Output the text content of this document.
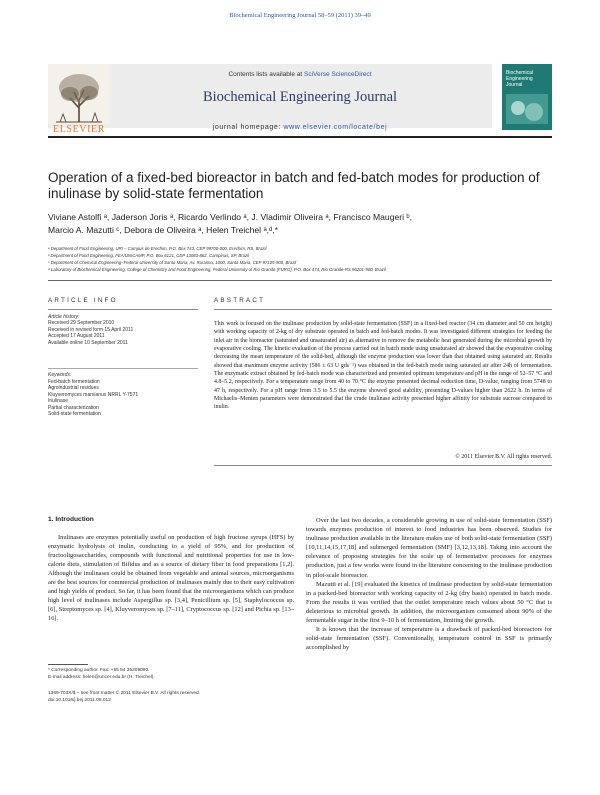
Biochemical Engineering Journal 58–59 (2011) 39–49
ELSEVIER
Contents lists available at SciVerse ScienceDirect
Biochemical Engineering Journal
journal homepage: www.elsevier.com/locate/bej
Biochemical Engineering Journal
Operation of a fixed-bed bioreactor in batch and fed-batch modes for production of inulinase by solid-state fermentation
Viviane Astolfi ᵃ, Jaderson Joris ᵃ, Ricardo Verlindo ᵃ, J. Vladimir Oliveira ᵃ, Francisco Maugeri ᵇ,
Marcio A. Mazutti ᶜ, Debora de Oliveira ᵃ, Helen Treichel ᵃ,ᵈ,*
ᵃ Department of Food Engineering, URI – Campus de Erechim, P.O. Box 743, CEP 99700-000, Erechim, RS, Brazil
ᵇ Department of Food Engineering, FEA/UNICAMP, P.O. Box 6121, CEP 13083-862, Campinas, SP, Brazil
ᶜ Department of Chemical Engineering–Federal University of Santa Maria, Av. Roraima, 1000, Santa Maria, CEP 97105-900, Brazil
ᵈ Laboratory of Biochemical Engineering, College of Chemistry and Food Engineering, Federal University of Rio Grande (FURG), P.O. Box 474, Rio Grande-RS 96201-900, Brazil
ARTICLE INFO	ABSTRACT
Article history:
Received 29 September 2010
Received in revised form 15 April 2011
Accepted 17 August 2011
Available online 10 September 2011
Keywords:
Fed-batch fermentation
Agroindustrial residues
Kluyveromyces marxianus NRRL Y-7571
Inulinase
Partial characterization
Solid-state fermentation
This work is focused on the inulinase production by solid-state fermentation (SSF) in a fixed-bed reactor (34 cm diameter and 50 cm height) with working capacity of 2-kg of dry substrate operated in batch and fed-batch modes. It was investigated different strategies for feeding the inlet air in the bioreactor (saturated and unsaturated air) as alternative to remove the metabolic heat generated during the microbial growth by evaporative cooling. The kinetic evaluation of the process carried out in batch mode using unsaturated air showed that the evaporative cooling decreasing the mean temperature of the solid-bed, although the enzyme production was lower than that obtained using saturated air. Results showed that maximum enzyme activity (586 ± 63 U gds⁻¹) was obtained in the fed-batch mode using saturated air after 24h of fermentation. The enzymatic extract obtained by fed-batch mode was characterized and presented optimum temperature and pH in the range of 52–57 °C and 4.8–5.2, respectively. For a temperature range from 40 to 70 °C the enzyme presented decimal reduction time, D-value, ranging from 5748 to 47 h, respectively. For a pH range from 3.5 to 5.5 the enzyme showed good stability, presenting D-values higher than 2622 h. In terms of Michaelis–Menten parameters were demonstrated that the crude inulinase activity presented higher affinity for substrate sucrose compared to inulin.
© 2011 Elsevier B.V. All rights reserved.
1. Introduction

Inulinases are enzymes potentially useful on production of high fructose syrups (HFS) by enzymatic hydrolysis of inulin, conducting to a yield of 95%, and for production of fructooligosaccharides, compounds with functional and nutritional properties for use in low-calorie diets, stimulation of Bifidus and as a source of dietary fiber in food preparations [1,2]. Although the inulinases could be obtained from vegetable and animal sources, microorganisms are the best sources for commercial production of inulinases mainly due to their easy cultivation and high yields of product. So far, it has been found that the microorganisms which can produce high level of inulinases include Aspergillus sp. [3,4], Penicillium sp. [5], Staphylococcus sp. [6], Streptomyces sp. [4], Kluyveromyces sp. [7–11], Cryptococcus sp. [12] and Pichia sp. [13–16].

Over the last two decades, a considerable growing in use of solid-state fermentation (SSF) towards enzymes production of interest to food industries has been observed. Studies for inulinase production available in the literature makes use of both solid-state fermentation (SSF) [10,11,14,15,17,18] and submerged fermentation (SMF) [3,12,13,18]. Taking into account the relevance of proposing strategies for the scale up of fermentative processes for enzymes production, just a few works were found in the literature concerning to the inulinase production in pilot-scale bioreactor.

Mazutti et al. [19] evaluated the kinetics of inulinase production by solid-state fermentation in a packed-bed bioreactor with working capacity of 2-kg (dry basis) operated in batch mode. From the results it was verified that the outlet temperature reach values about 50 °C that is deleterious to microbial growth. In addition, the microorganism consumed about 90% of the fermentable sugar in the first 9–10 h of fermentation, limiting the growth.

It is known that the increase of temperature is a drawback of packed-bed bioreactors for solid-state fermentation (SSF). Conventionally, temperature control in SSF is primarily accomplished by

* Corresponding author. Fax: +55 54 35209090.
E-mail address: helen@uricer.edu.br (H. Treichel).
1369-703X/$ – see front matter © 2011 Elsevier B.V. All rights reserved.
doi:10.1016/j.bej.2011.08.012
